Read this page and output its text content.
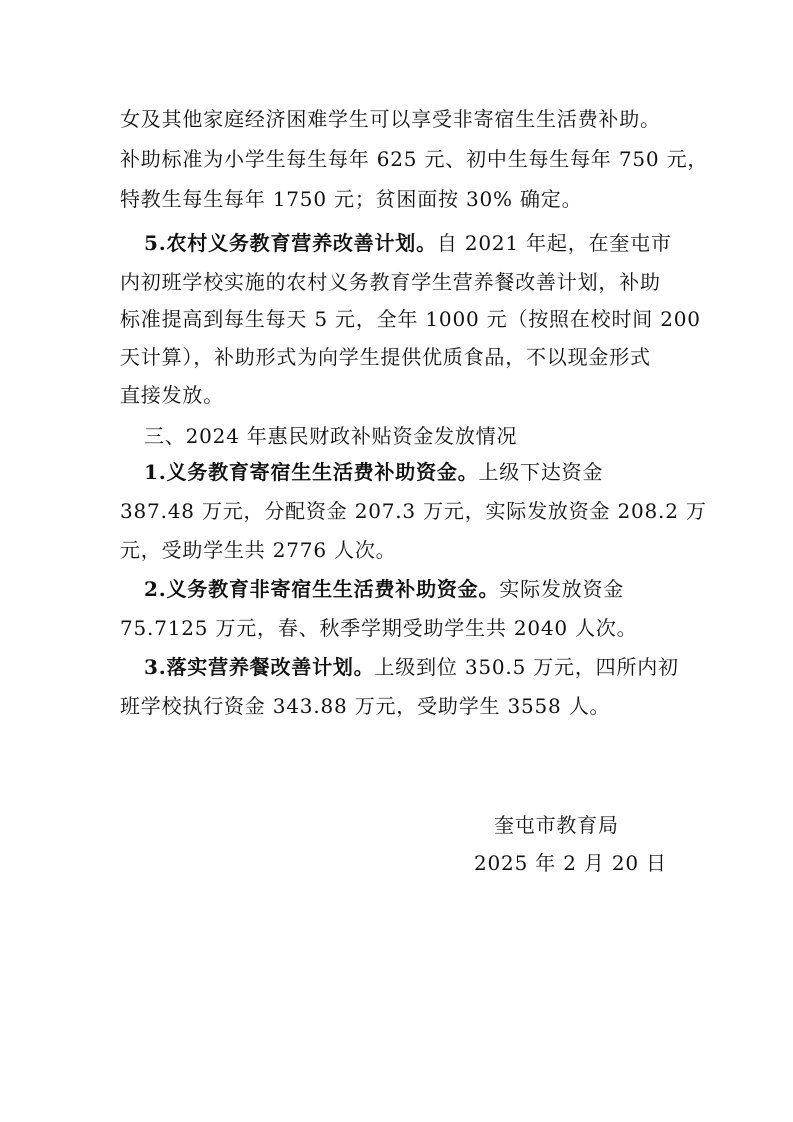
女及其他家庭经济困难学生可以享受非寄宿生生活费补助。
补助标准为小学生每生每年 625 元、初中生每生每年 750 元，
特教生每生每年 1750 元；贫困面按 30% 确定。
5.农村义务教育营养改善计划。自 2021 年起，在奎屯市
内初班学校实施的农村义务教育学生营养餐改善计划，补助
标准提高到每生每天 5 元，全年 1000 元（按照在校时间 200
天计算），补助形式为向学生提供优质食品，不以现金形式
直接发放。
三、2024 年惠民财政补贴资金发放情况
1.义务教育寄宿生生活费补助资金。上级下达资金
387.48 万元，分配资金 207.3 万元，实际发放资金 208.2 万
元，受助学生共 2776 人次。
2.义务教育非寄宿生生活费补助资金。实际发放资金
75.7125 万元，春、秋季学期受助学生共 2040 人次。
3.落实营养餐改善计划。上级到位 350.5 万元，四所内初
班学校执行资金 343.88 万元，受助学生 3558 人。
奎屯市教育局
2025 年 2 月 20 日
